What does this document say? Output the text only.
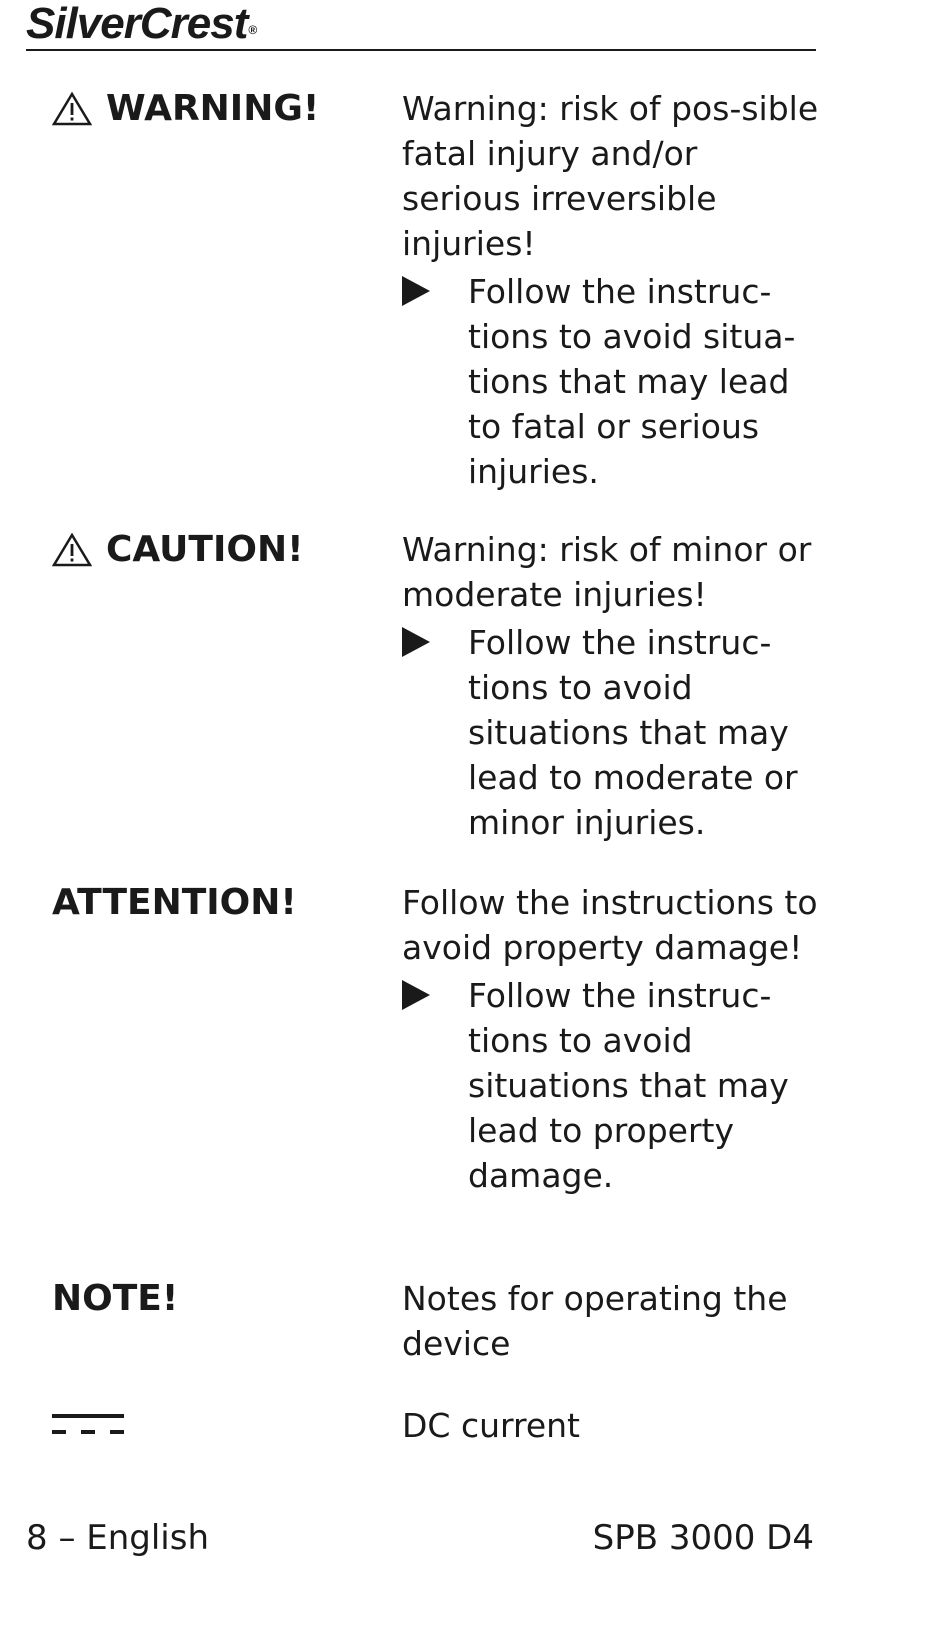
SilverCrest®
WARNING!	Warning: risk of pos-sible fatal injury and/or serious irreversible injuries!
Follow the instruc-tions to avoid situa-tions that may lead to fatal or serious injuries.
CAUTION!	Warning: risk of minor or moderate injuries!
Follow the instruc-tions to avoid situations that may lead to moderate or minor injuries.
ATTENTION!	Follow the instructions to avoid property damage!
Follow the instruc-tions to avoid situations that may lead to property damage.
NOTE!	Notes for operating the device
DC current
8 – English	SPB 3000 D4
